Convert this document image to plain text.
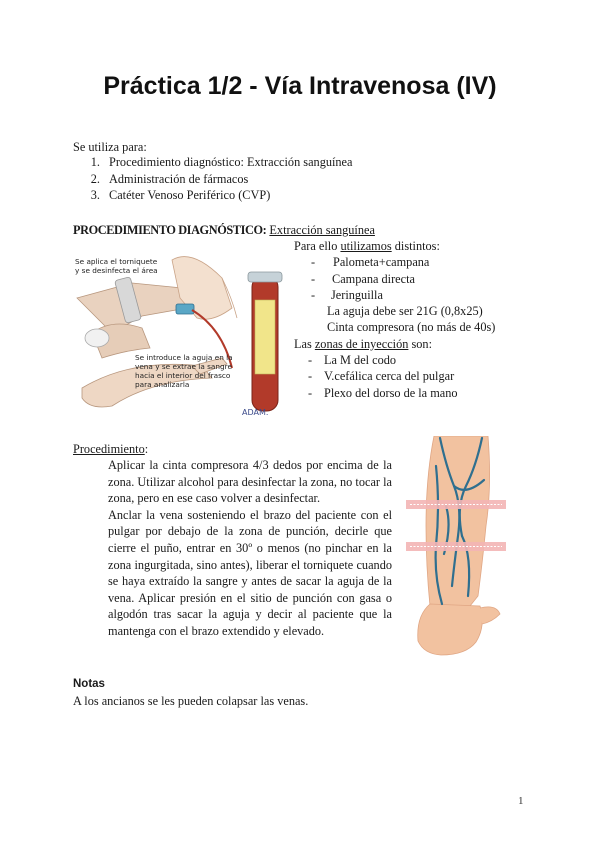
Práctica 1/2 - Vía Intravenosa (IV)
Se utiliza para:
1. Procedimiento diagnóstico: Extracción sanguínea
2. Administración de fármacos
3. Catéter Venoso Periférico (CVP)
PROCEDIMIENTO DIAGNÓSTICO: Extracción sanguínea
Se aplica el torniquete
y se desinfecta el área
Se introduce la aguja en la
vena y se extrae la sangre
hacia el interior del frasco
para analizarla
ADAM.
Para ello utilizamos distintos:
- Palometa+campana
- Campana directa
- Jeringuilla
La aguja debe ser 21G (0,8x25)
Cinta compresora (no más de 40s)
Las zonas de inyección son:
- La M del codo
- V.cefálica cerca del pulgar
- Plexo del dorso de la mano
Procedimiento:

Aplicar la cinta compresora 4/3 dedos por encima de la zona. Utilizar alcohol para desinfectar la zona, no tocar la zona, pero en ese caso volver a desinfectar.

Anclar la vena sosteniendo el brazo del paciente con el pulgar por debajo de la zona de punción, decirle que cierre el puño, entrar en 30º o menos (no pinchar en la zona ingurgitada, sino antes), liberar el torniquete cuando se haya extraído la sangre y antes de sacar la aguja de la vena. Aplicar presión en el sitio de punción con gasa o algodón tras sacar la aguja y decir al paciente que la mantenga con el brazo extendido y elevado.

Notas
A los ancianos se les pueden colapsar las venas.
1
